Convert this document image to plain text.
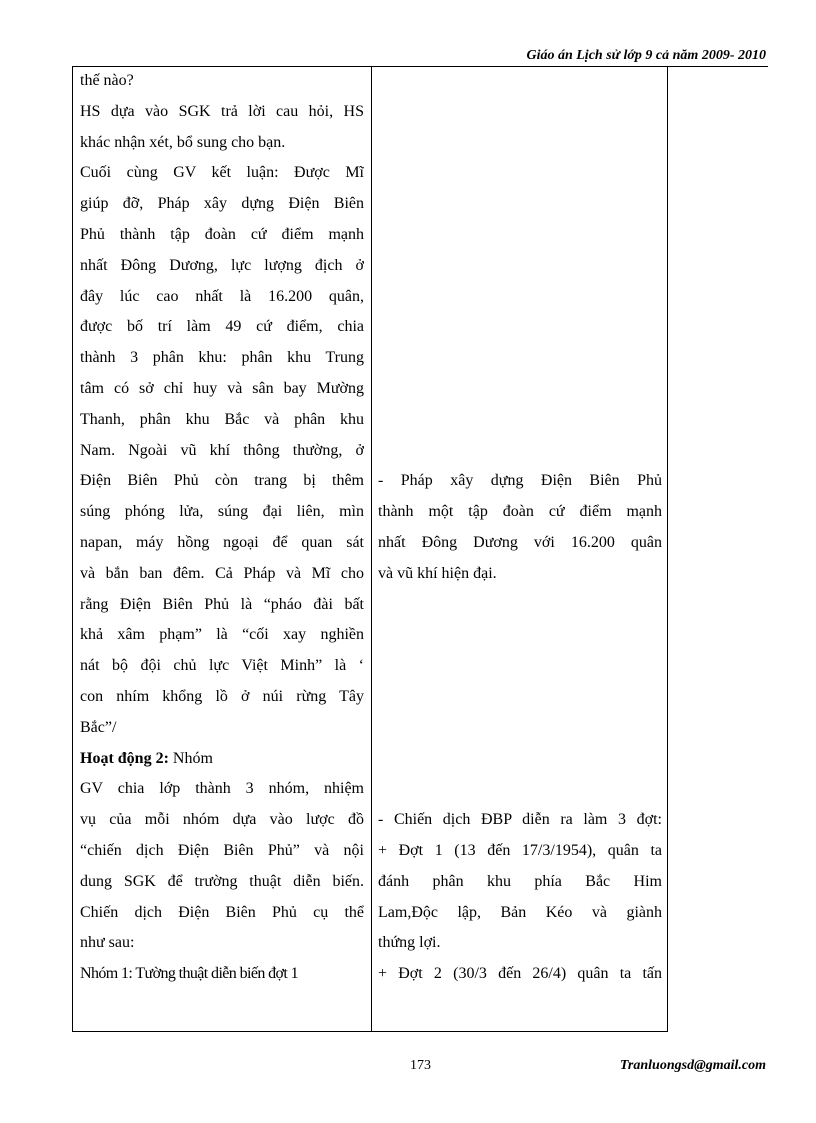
Giáo án Lịch sử lớp 9 cả năm 2009- 2010
thế nào?
HS dựa vào SGK trả lời cau hỏi, HS
khác nhận xét, bổ sung cho bạn.
Cuối cùng GV kết luận: Được Mĩ
giúp đỡ, Pháp xây dựng Điện Biên
Phủ thành tập đoàn cứ điểm mạnh
nhất Đông Dương, lực lượng địch ở
đây lúc cao nhất là 16.200 quân,
được bố trí làm 49 cứ điểm, chia
thành 3 phân khu: phân khu Trung
tâm có sở chỉ huy và sân bay Mường
Thanh, phân khu Bắc và phân khu
Nam. Ngoài vũ khí thông thường, ở
Điện Biên Phủ còn trang bị thêm
súng phóng lửa, súng đại liên, mìn
napan, máy hồng ngoại để quan sát
và bắn ban đêm. Cả Pháp và Mĩ cho
rằng Điện Biên Phủ là “pháo đài bất
khả xâm phạm” là “cối xay nghiền
nát bộ đội chủ lực Việt Minh” là ‘
con nhím khổng lồ ở núi rừng Tây
Bắc”/
Hoạt động 2: Nhóm
GV chia lớp thành 3 nhóm, nhiệm
vụ của mỗi nhóm dựa vào lược đồ
“chiến dịch Điện Biên Phủ” và nội
dung SGK để trường thuật diễn biến.
Chiến dịch Điện Biên Phủ cụ thể
như sau:
Nhóm 1: Tường thuật diễn biến đợt 1
- Pháp xây dựng Điện Biên Phủ
thành một tập đoàn cứ điểm mạnh
nhất Đông Dương với 16.200 quân
và vũ khí hiện đại.
- Chiến dịch ĐBP diễn ra làm 3 đợt:
+ Đợt 1 (13 đến 17/3/1954), quân ta
đánh phân khu phía Bắc Him
Lam,Độc lập, Bản Kéo và giành
thứng lợi.
+ Đợt 2 (30/3 đến 26/4) quân ta tấn
173	Tranluongsd@gmail.com
